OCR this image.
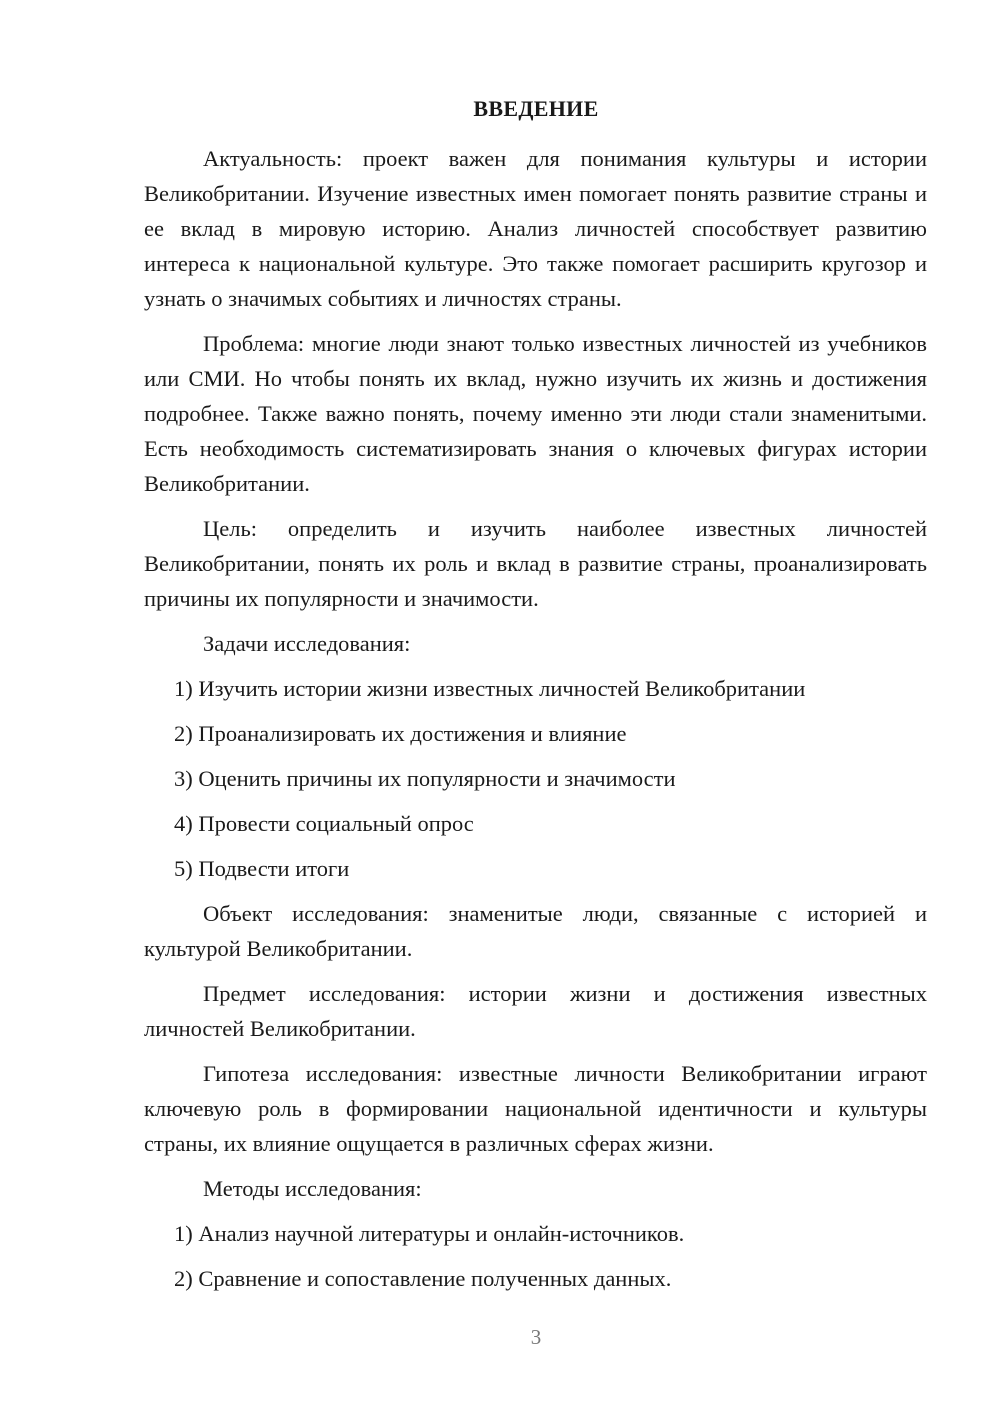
ВВЕДЕНИЕ

Актуальность: проект важен для понимания культуры и истории Великобритании. Изучение известных имен помогает понять развитие страны и ее вклад в мировую историю. Анализ личностей способствует развитию интереса к национальной культуре. Это также помогает расширить кругозор и узнать о значимых событиях и личностях страны.

Проблема: многие люди знают только известных личностей из учебников или СМИ. Но чтобы понять их вклад, нужно изучить их жизнь и достижения подробнее. Также важно понять, почему именно эти люди стали знаменитыми. Есть необходимость систематизировать знания о ключевых фигурах истории Великобритании.

Цель: определить и изучить наиболее известных личностей Великобритании, понять их роль и вклад в развитие страны, проанализировать причины их популярности и значимости.

Задачи исследования:

1) Изучить истории жизни известных личностей Великобритании
2) Проанализировать их достижения и влияние
3) Оценить причины их популярности и значимости
4) Провести социальный опрос
5) Подвести итоги

Объект исследования: знаменитые люди, связанные с историей и культурой Великобритании.

Предмет исследования: истории жизни и достижения известных личностей Великобритании.

Гипотеза исследования: известные личности Великобритании играют ключевую роль в формировании национальной идентичности и культуры страны, их влияние ощущается в различных сферах жизни.

Методы исследования:

1) Анализ научной литературы и онлайн-источников.
2) Сравнение и сопоставление полученных данных.
3
